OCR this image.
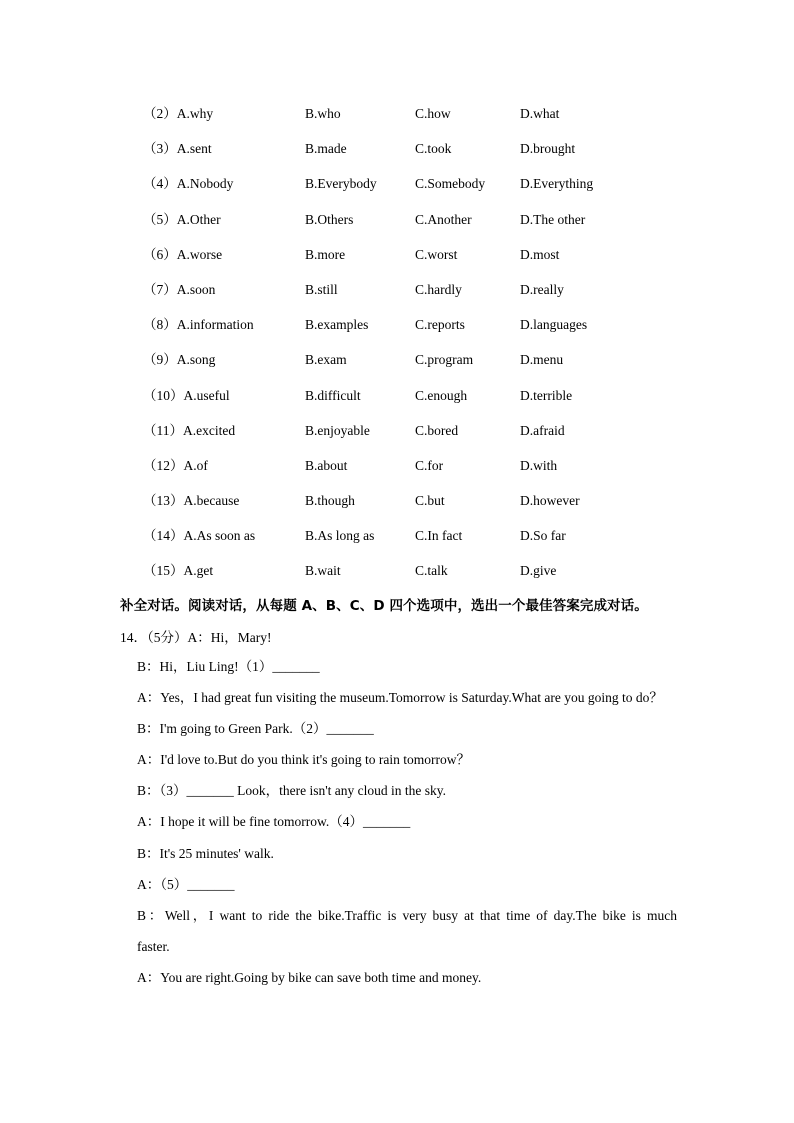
（2）A.why	B.who	C.how	D.what
（3）A.sent	B.made	C.took	D.brought
（4）A.Nobody	B.Everybody	C.Somebody	D.Everything
（5）A.Other	B.Others	C.Another	D.The other
（6）A.worse	B.more	C.worst	D.most
（7）A.soon	B.still	C.hardly	D.really
（8）A.information	B.examples	C.reports	D.languages
（9）A.song	B.exam	C.program	D.menu
（10）A.useful	B.difficult	C.enough	D.terrible
（11）A.excited	B.enjoyable	C.bored	D.afraid
（12）A.of	B.about	C.for	D.with
（13）A.because	B.though	C.but	D.however
（14）A.As soon as	B.As long as	C.In fact	D.So far
（15）A.get	B.wait	C.talk	D.give
补全对话。阅读对话，从每题 A、B、C、D 四个选项中，选出一个最佳答案完成对话。
14．（5分）A：Hi，Mary!
B：Hi，Liu Ling!（1）_______
A：Yes，I had great fun visiting the museum.Tomorrow is Saturday.What are you going to do？
B：I'm going to Green Park.（2）_______
A：I'd love to.But do you think it's going to rain tomorrow？
B：（3）_______ Look，there isn't any cloud in the sky.
A：I hope it will be fine tomorrow.（4）_______
B：It's 25 minutes' walk.
A：（5）_______
B：Well，I want to ride the bike.Traffic is very busy at that time of day.The bike is much
faster.
A：You are right.Going by bike can save both time and money.
